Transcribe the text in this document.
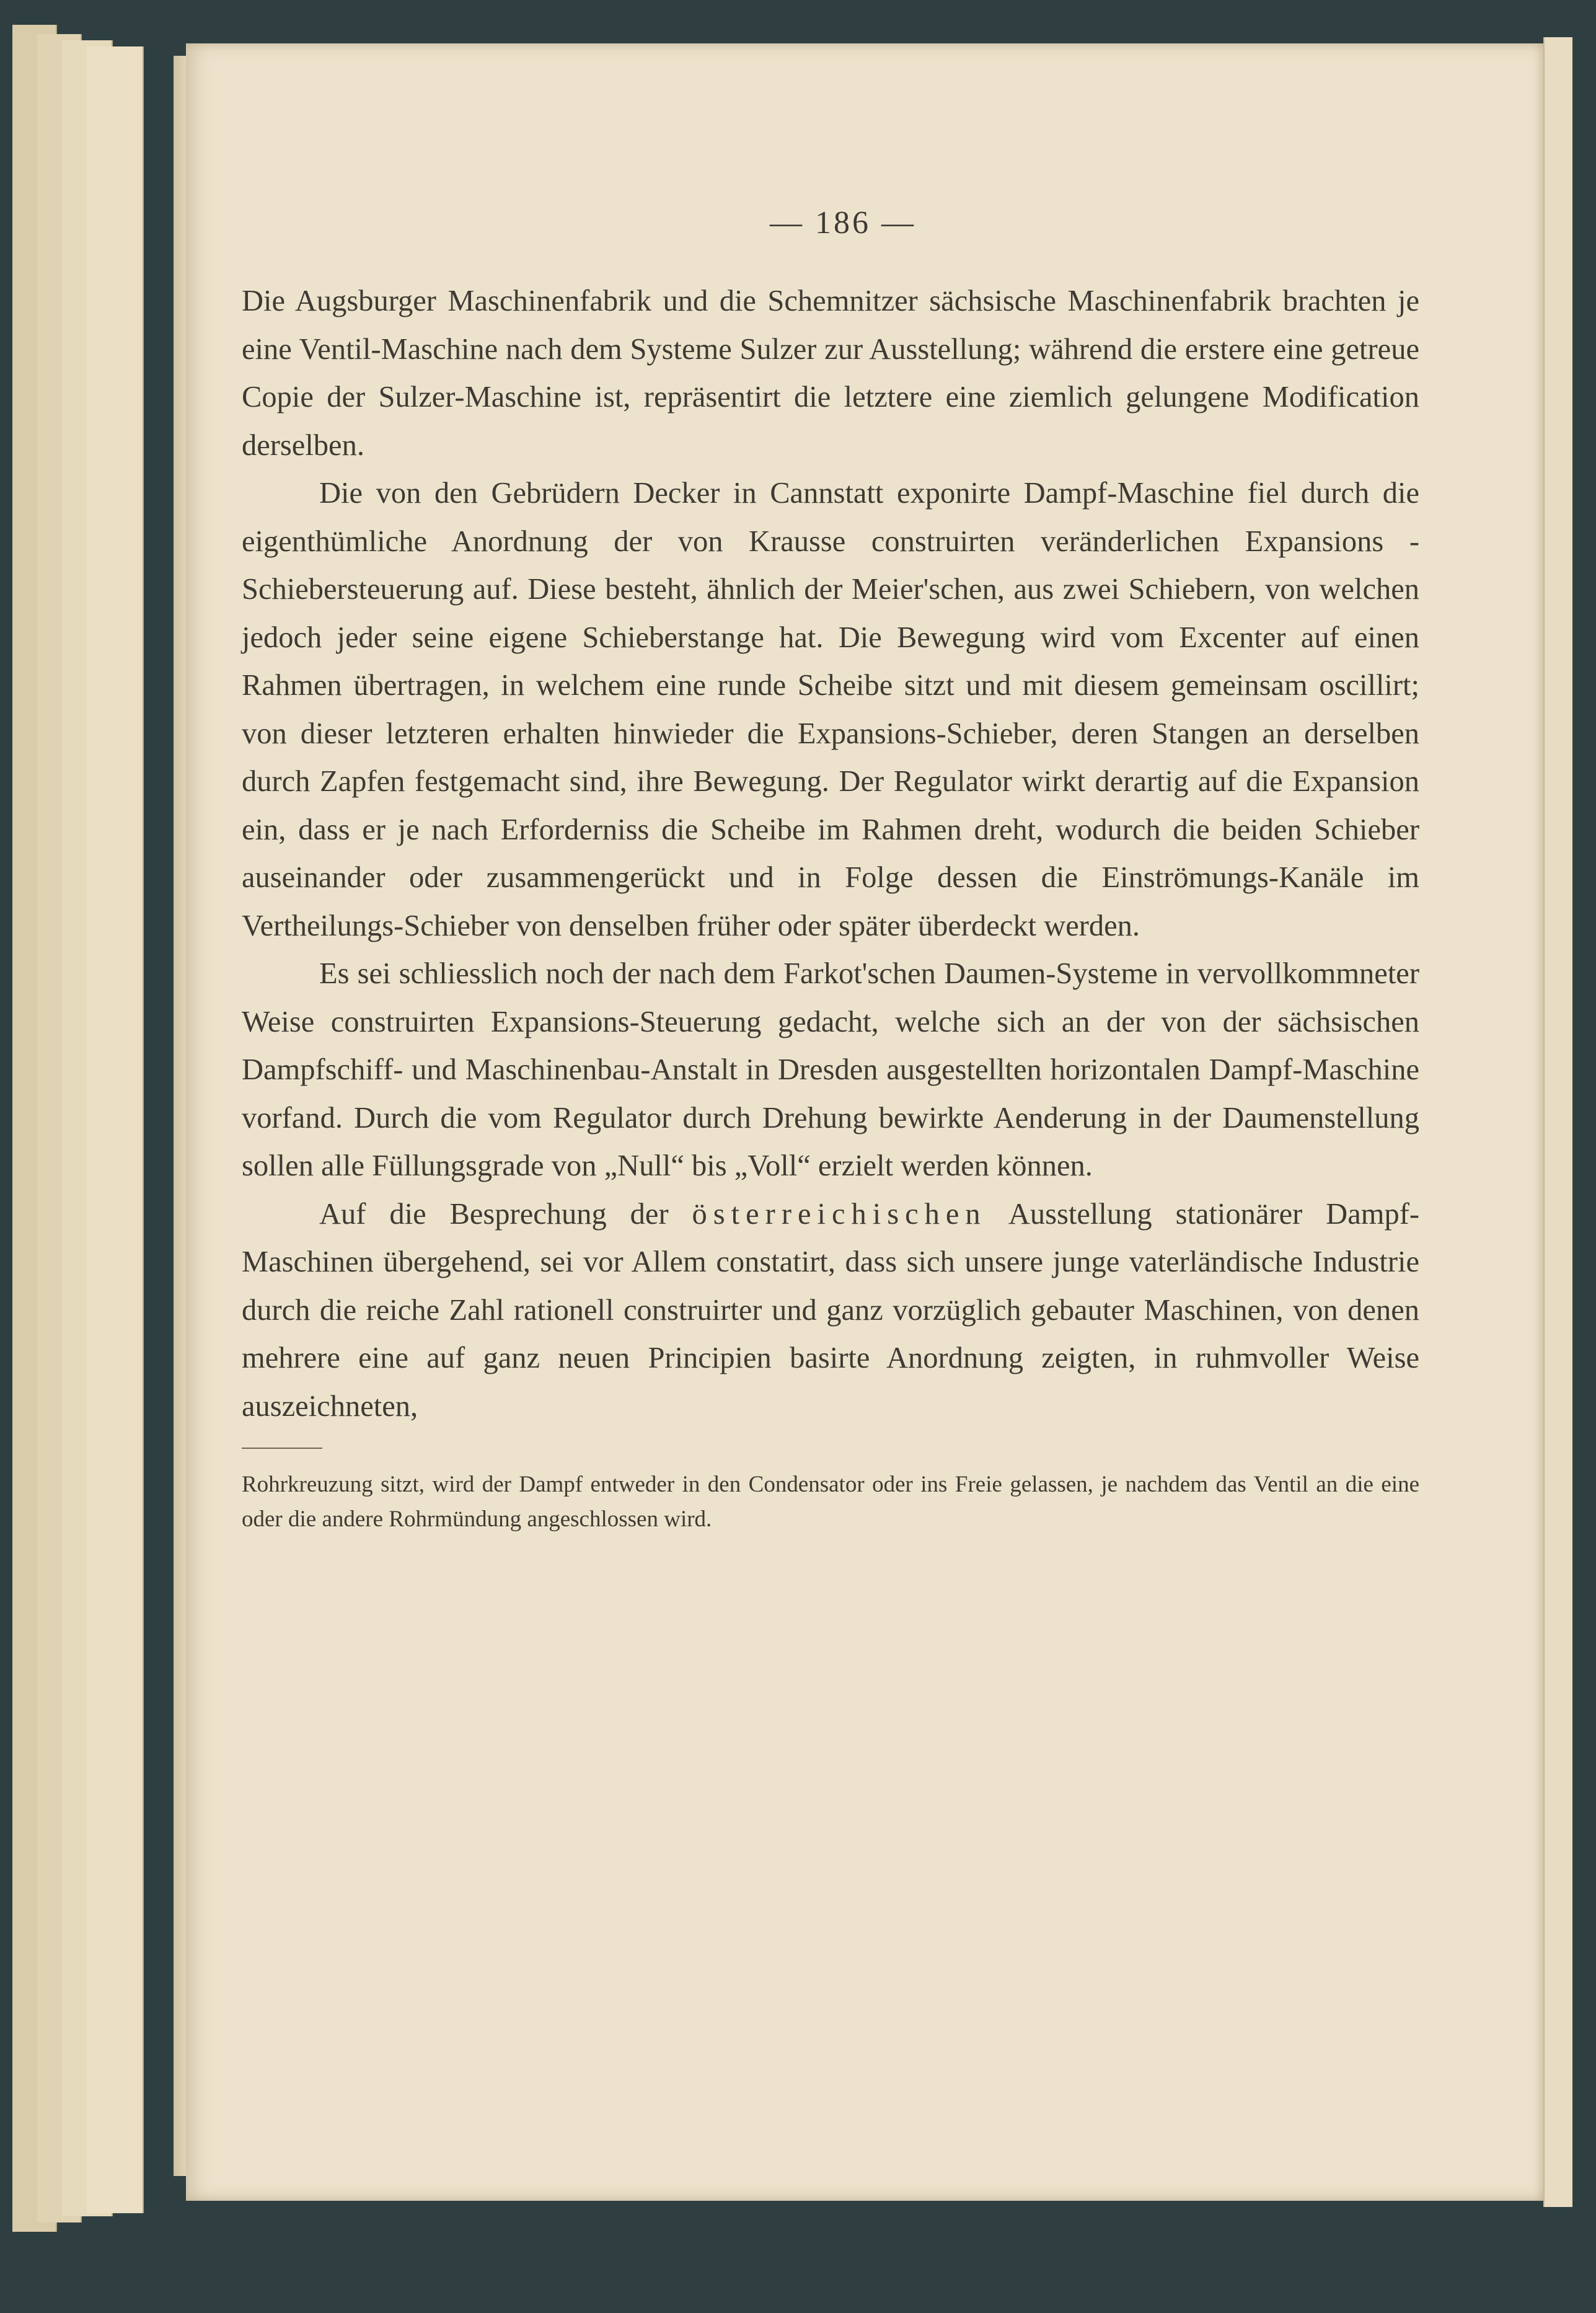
— 186 —

Die Augsburger Maschinenfabrik und die Schemnitzer sächsische Maschinenfabrik brachten je eine Ventil-Maschine nach dem Systeme Sulzer zur Ausstellung; während die erstere eine getreue Copie der Sulzer-Maschine ist, repräsentirt die letztere eine ziemlich gelungene Modification derselben.

Die von den Gebrüdern Decker in Cannstatt exponirte Dampf-Maschine fiel durch die eigenthümliche Anordnung der von Krausse construirten veränderlichen Expansions - Schiebersteuerung auf. Diese besteht, ähnlich der Meier'schen, aus zwei Schiebern, von welchen jedoch jeder seine eigene Schieberstange hat. Die Bewegung wird vom Excenter auf einen Rahmen übertragen, in welchem eine runde Scheibe sitzt und mit diesem gemeinsam oscillirt; von dieser letzteren erhalten hinwieder die Expansions-Schieber, deren Stangen an derselben durch Zapfen festgemacht sind, ihre Bewegung. Der Regulator wirkt derartig auf die Expansion ein, dass er je nach Erforderniss die Scheibe im Rahmen dreht, wodurch die beiden Schieber auseinander oder zusammengerückt und in Folge dessen die Einströmungs-Kanäle im Vertheilungs-Schieber von denselben früher oder später überdeckt werden.

Es sei schliesslich noch der nach dem Farkot'schen Daumen-Systeme in vervollkommneter Weise construirten Expansions-Steuerung gedacht, welche sich an der von der sächsischen Dampfschiff- und Maschinenbau-Anstalt in Dresden ausgestellten horizontalen Dampf-Maschine vorfand. Durch die vom Regulator durch Drehung bewirkte Aenderung in der Daumenstellung sollen alle Füllungsgrade von „Null“ bis „Voll“ erzielt werden können.

Auf die Besprechung der österreichischen Ausstellung stationärer Dampf-Maschinen übergehend, sei vor Allem constatirt, dass sich unsere junge vaterländische Industrie durch die reiche Zahl rationell construirter und ganz vorzüglich gebauter Maschinen, von denen mehrere eine auf ganz neuen Principien basirte Anordnung zeigten, in ruhmvoller Weise auszeichneten,

Rohrkreuzung sitzt, wird der Dampf entweder in den Condensator oder ins Freie gelassen, je nachdem das Ventil an die eine oder die andere Rohrmündung angeschlossen wird.
